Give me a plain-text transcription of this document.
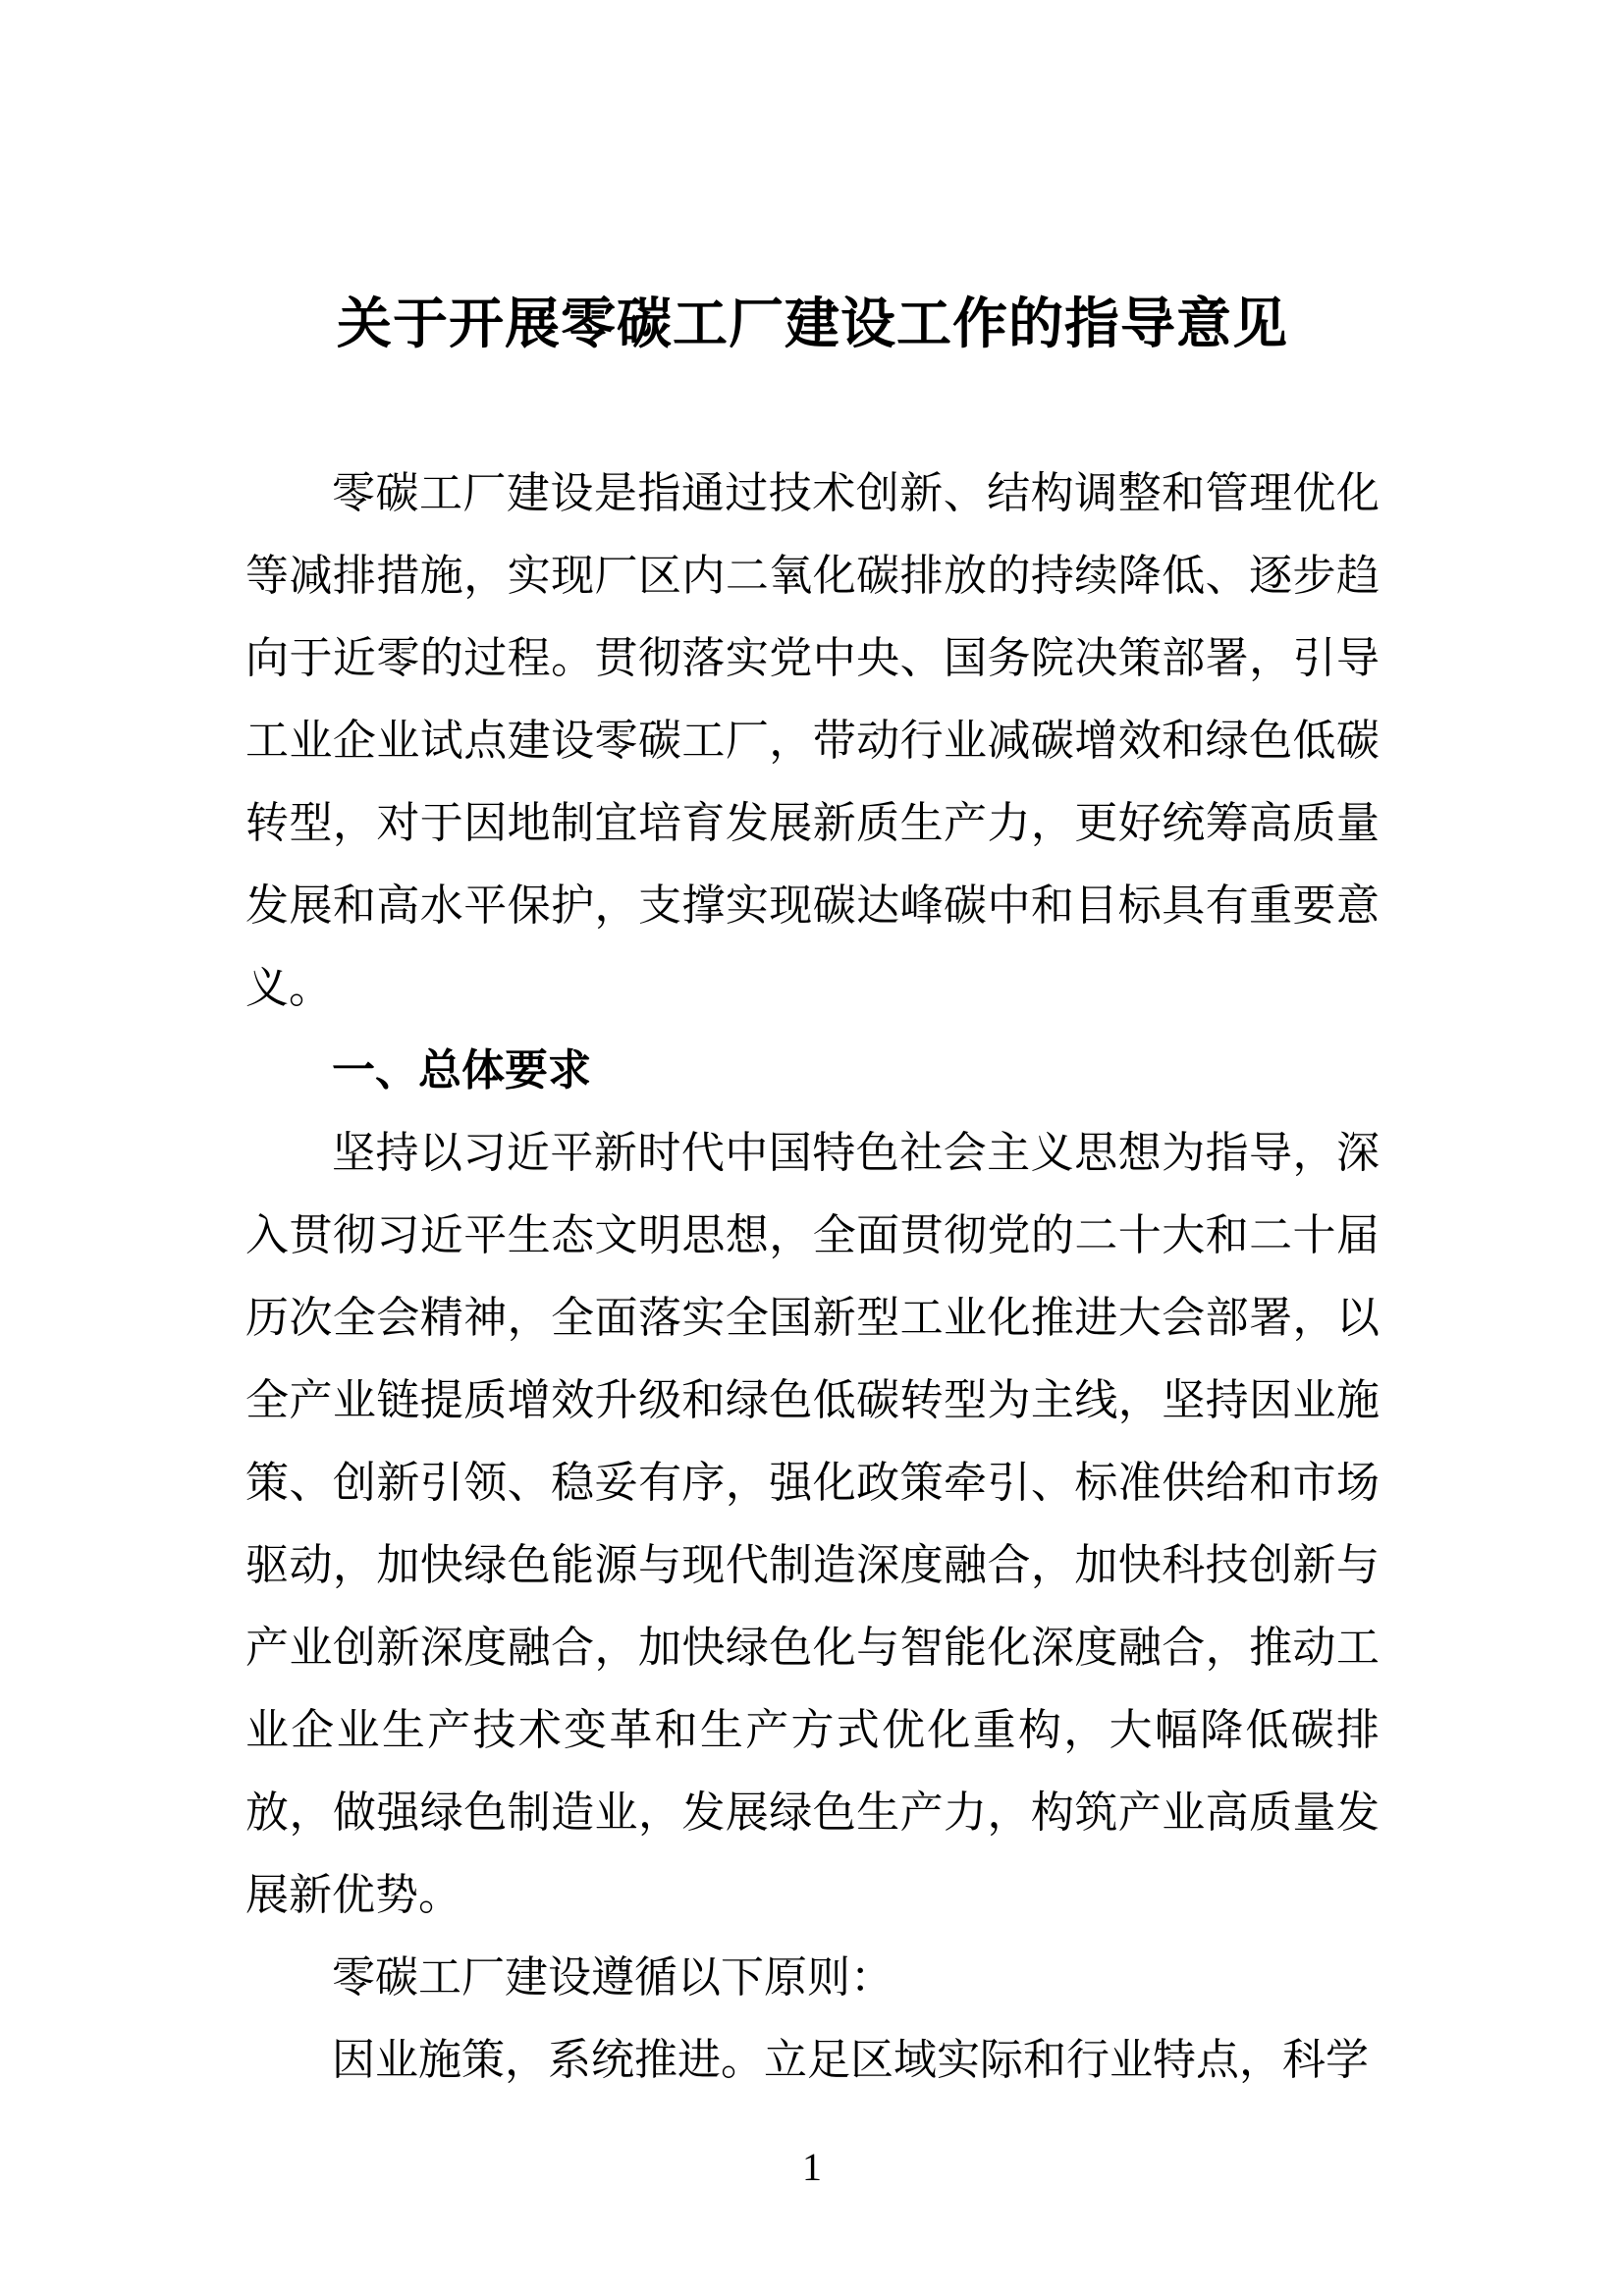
关于开展零碳工厂建设工作的指导意见

零碳工厂建设是指通过技术创新、结构调整和管理优化等减排措施，实现厂区内二氧化碳排放的持续降低、逐步趋向于近零的过程。贯彻落实党中央、国务院决策部署，引导工业企业试点建设零碳工厂，带动行业减碳增效和绿色低碳转型，对于因地制宜培育发展新质生产力，更好统筹高质量发展和高水平保护，支撑实现碳达峰碳中和目标具有重要意义。

一、总体要求

坚持以习近平新时代中国特色社会主义思想为指导，深入贯彻习近平生态文明思想，全面贯彻党的二十大和二十届历次全会精神，全面落实全国新型工业化推进大会部署，以全产业链提质增效升级和绿色低碳转型为主线，坚持因业施策、创新引领、稳妥有序，强化政策牵引、标准供给和市场驱动，加快绿色能源与现代制造深度融合，加快科技创新与产业创新深度融合，加快绿色化与智能化深度融合，推动工业企业生产技术变革和生产方式优化重构，大幅降低碳排放，做强绿色制造业，发展绿色生产力，构筑产业高质量发展新优势。

零碳工厂建设遵循以下原则：

因业施策，系统推进。立足区域实际和行业特点，科学

1
